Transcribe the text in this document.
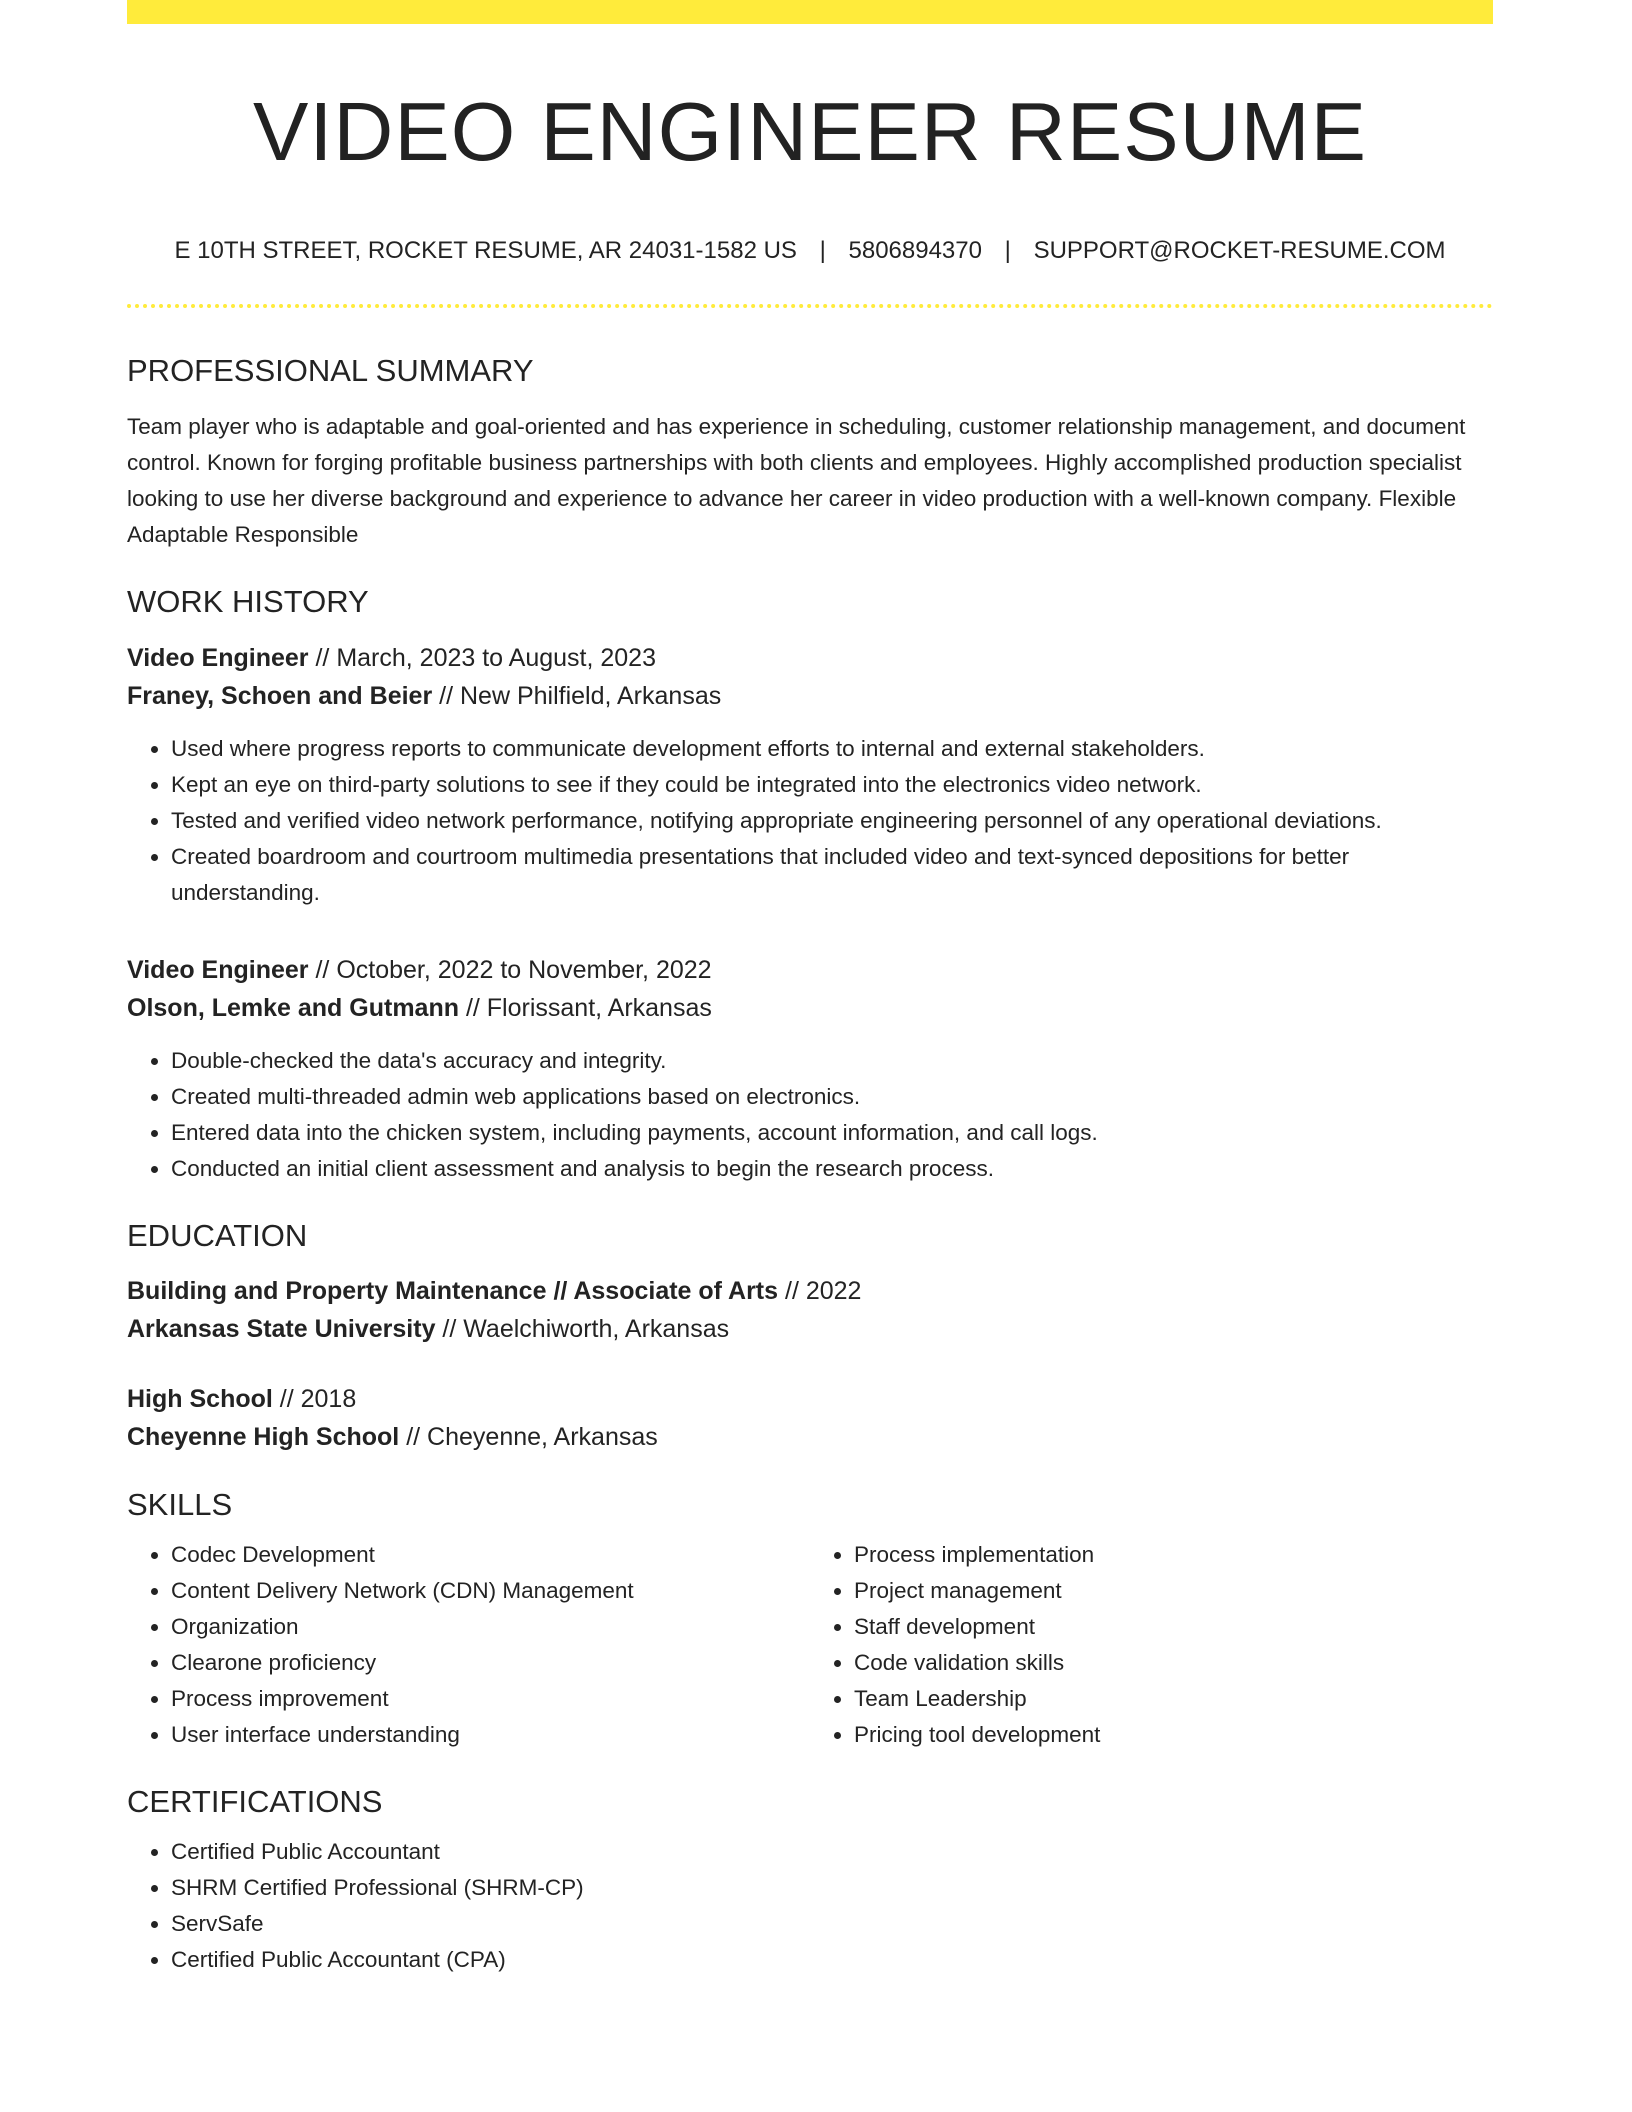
VIDEO ENGINEER RESUME
E 10TH STREET, ROCKET RESUME, AR 24031-1582 US | 5806894370 | SUPPORT@ROCKET-RESUME.COM
PROFESSIONAL SUMMARY

Team player who is adaptable and goal-oriented and has experience in scheduling, customer relationship management, and document control. Known for forging profitable business partnerships with both clients and employees. Highly accomplished production specialist looking to use her diverse background and experience to advance her career in video production with a well-known company. Flexible Adaptable Responsible

WORK HISTORY
Video Engineer // March, 2023 to August, 2023
Franey, Schoen and Beier // New Philfield, Arkansas
• Used where progress reports to communicate development efforts to internal and external stakeholders.
• Kept an eye on third-party solutions to see if they could be integrated into the electronics video network.
• Tested and verified video network performance, notifying appropriate engineering personnel of any operational deviations.
• Created boardroom and courtroom multimedia presentations that included video and text-synced depositions for better understanding.
Video Engineer // October, 2022 to November, 2022
Olson, Lemke and Gutmann // Florissant, Arkansas
• Double-checked the data's accuracy and integrity.
• Created multi-threaded admin web applications based on electronics.
• Entered data into the chicken system, including payments, account information, and call logs.
• Conducted an initial client assessment and analysis to begin the research process.
EDUCATION
Building and Property Maintenance // Associate of Arts // 2022
Arkansas State University // Waelchiworth, Arkansas
High School // 2018
Cheyenne High School // Cheyenne, Arkansas
SKILLS
• Codec Development
• Content Delivery Network (CDN) Management
• Organization
• Clearone proficiency
• Process improvement
• User interface understanding
• Process implementation
• Project management
• Staff development
• Code validation skills
• Team Leadership
• Pricing tool development
CERTIFICATIONS
• Certified Public Accountant
• SHRM Certified Professional (SHRM-CP)
• ServSafe
• Certified Public Accountant (CPA)
